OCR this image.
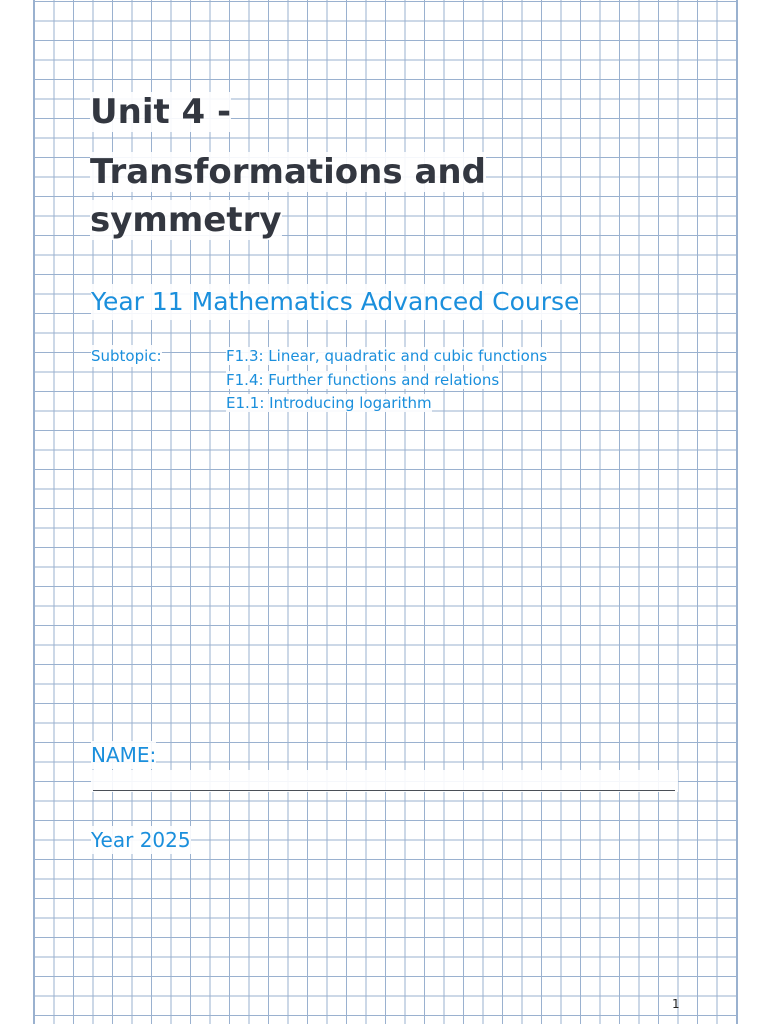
Unit 4 -
Transformations and
symmetry
Year 11 Mathematics Advanced Course
Subtopic:	F1.3: Linear, quadratic and cubic functions
F1.4: Further functions and relations
E1.1: Introducing logarithm
NAME:
Year 2025
1
